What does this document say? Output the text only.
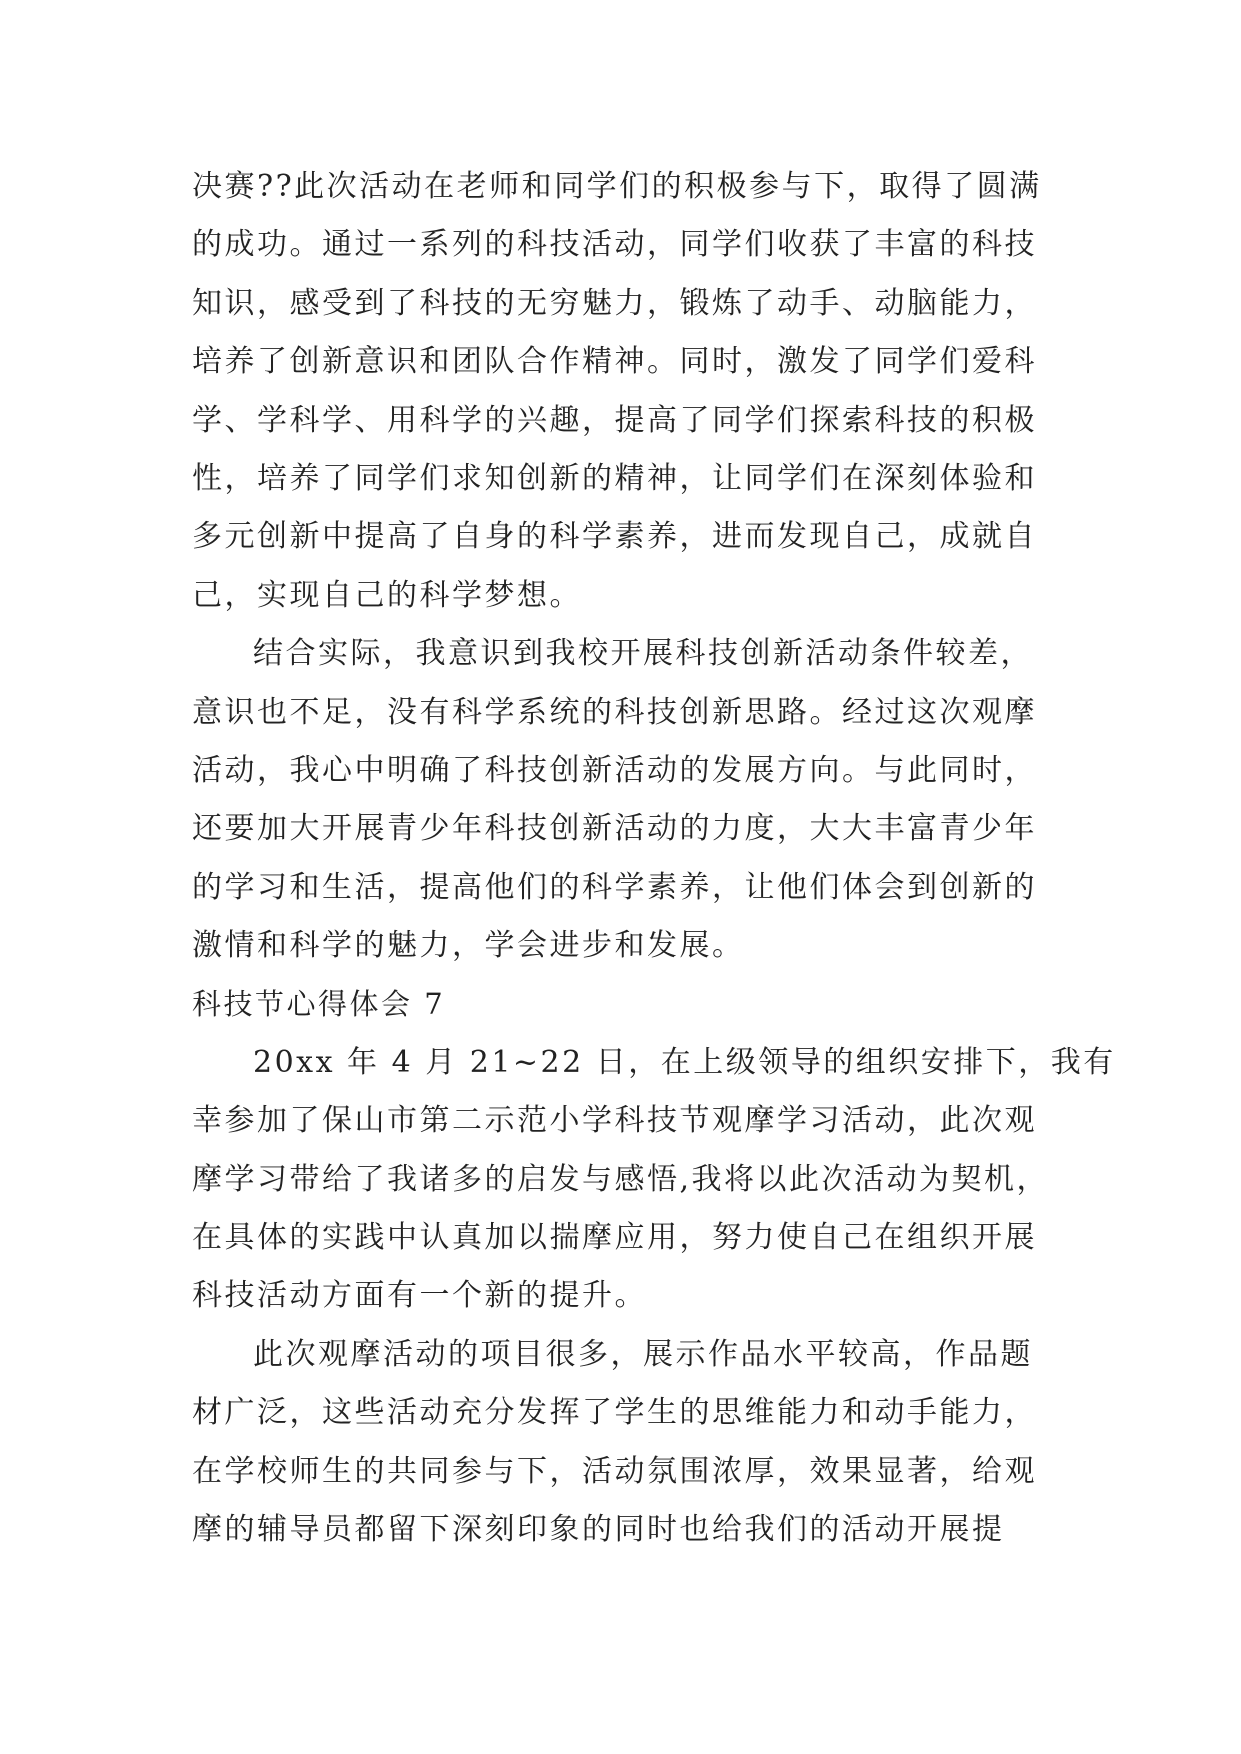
决赛??此次活动在老师和同学们的积极参与下，取得了圆满
的成功。通过一系列的科技活动，同学们收获了丰富的科技
知识，感受到了科技的无穷魅力，锻炼了动手、动脑能力，
培养了创新意识和团队合作精神。同时，激发了同学们爱科
学、学科学、用科学的兴趣，提高了同学们探索科技的积极
性，培养了同学们求知创新的精神，让同学们在深刻体验和
多元创新中提高了自身的科学素养，进而发现自己，成就自
己，实现自己的科学梦想。
结合实际，我意识到我校开展科技创新活动条件较差，
意识也不足，没有科学系统的科技创新思路。经过这次观摩
活动，我心中明确了科技创新活动的发展方向。与此同时，
还要加大开展青少年科技创新活动的力度，大大丰富青少年
的学习和生活，提高他们的科学素养，让他们体会到创新的
激情和科学的魅力，学会进步和发展。
科技节心得体会 7
20xx 年 4 月 21~22 日，在上级领导的组织安排下，我有
幸参加了保山市第二示范小学科技节观摩学习活动，此次观
摩学习带给了我诸多的启发与感悟,我将以此次活动为契机，
在具体的实践中认真加以揣摩应用，努力使自己在组织开展
科技活动方面有一个新的提升。
此次观摩活动的项目很多，展示作品水平较高，作品题
材广泛，这些活动充分发挥了学生的思维能力和动手能力，
在学校师生的共同参与下，活动氛围浓厚，效果显著，给观
摩的辅导员都留下深刻印象的同时也给我们的活动开展提
